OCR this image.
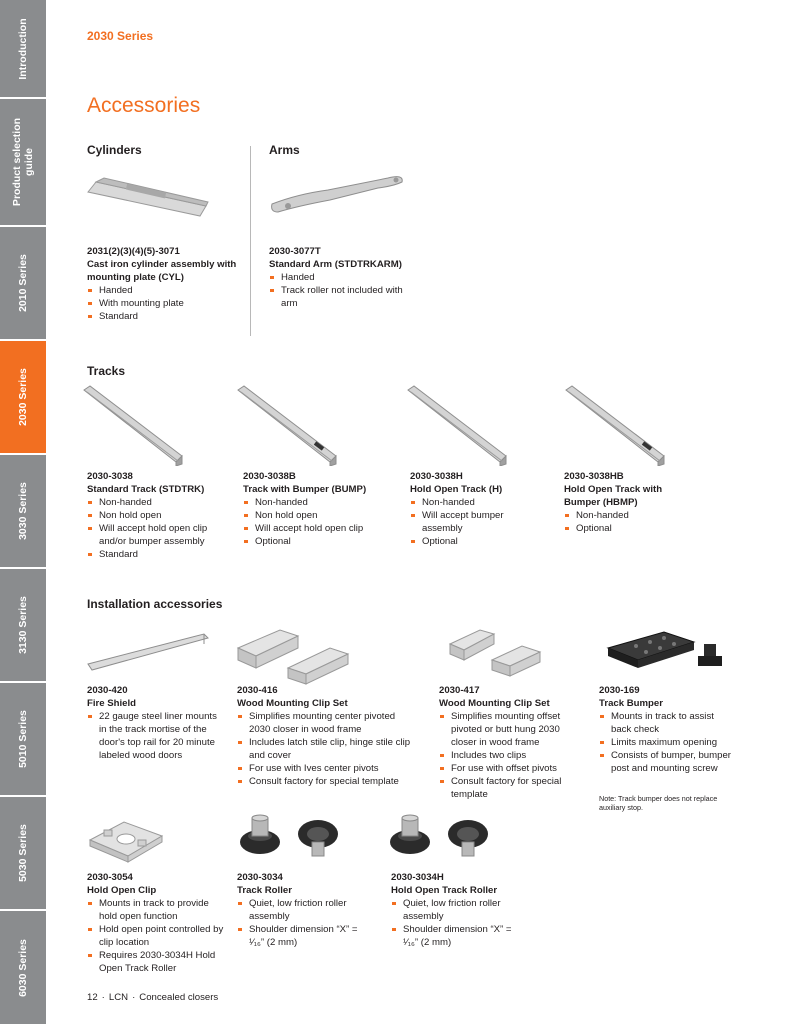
Introduction
Product selection
guide
2010 Series
2030 Series
3030 Series
3130 Series
5010 Series
5030 Series
6030 Series
2030 Series
Accessories
Cylinders	Arms
2031(2)(3)(4)(5)-3071
Cast iron cylinder assembly with mounting plate (CYL)
Handed
With mounting plate
Standard
2030-3077T
Standard Arm (STDTRKARM)
Handed
Track roller not included with arm
Tracks
2030-3038
Standard Track (STDTRK)
Non-handed
Non hold open
Will accept hold open clip and/or bumper assembly
Standard
2030-3038B
Track with Bumper (BUMP)
Non-handed
Non hold open
Will accept hold open clip
Optional
2030-3038H
Hold Open Track (H)
Non-handed
Will accept bumper assembly
Optional
2030-3038HB
Hold Open Track with Bumper (HBMP)
Non-handed
Optional
Installation accessories
2030-420
Fire Shield
22 gauge steel liner mounts in the track mortise of the door's top rail for 20 minute labeled wood doors
2030-416
Wood Mounting Clip Set
Simplifies mounting center pivoted 2030 closer in wood frame
Includes latch stile clip, hinge stile clip and cover
For use with Ives center pivots
Consult factory for special template
2030-417
Wood Mounting Clip Set
Simplifies mounting offset pivoted or butt hung 2030 closer in wood frame
Includes two clips
For use with offset pivots
Consult factory for special template
2030-169
Track Bumper
Mounts in track to assist back check
Limits maximum opening
Consists of bumper, bumper post and mounting screw
Note: Track bumper does not replace auxiliary stop.
2030-3054
Hold Open Clip
Mounts in track to provide hold open function
Hold open point controlled by clip location
Requires 2030-3034H Hold Open Track Roller
2030-3034
Track Roller
Quiet, low friction roller assembly
Shoulder dimension “X” = ¹⁄₁₆” (2 mm)
2030-3034H
Hold Open Track Roller
Quiet, low friction roller assembly
Shoulder dimension “X” = ¹⁄₁₆” (2 mm)
12 · LCN · Concealed closers
